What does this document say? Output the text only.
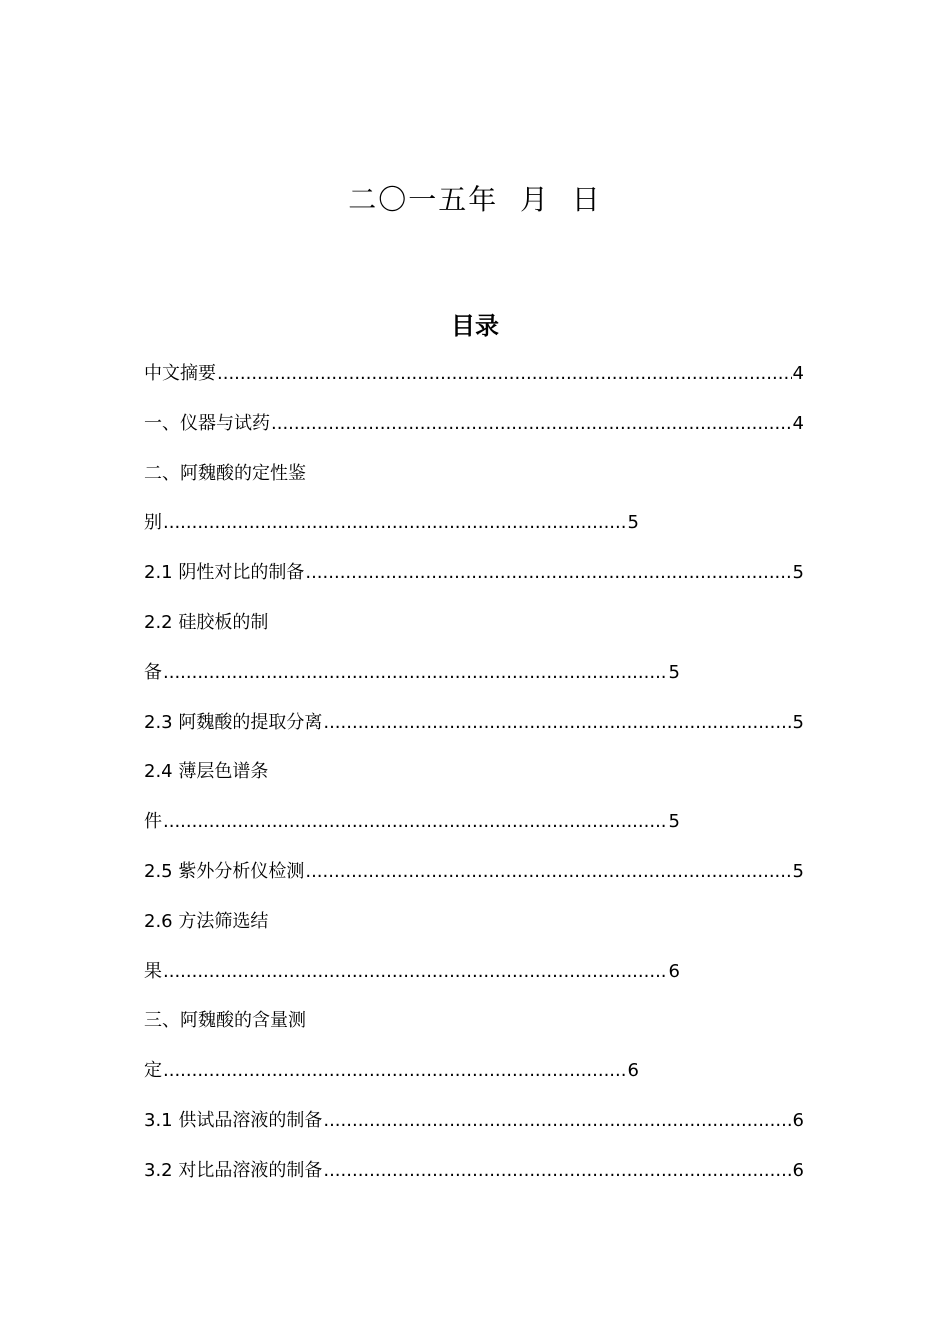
二〇一五年  月  日
目录
中文摘要 .....	4
一、仪器与试药 .....	4
二、阿魏酸的定性鉴
别 .....	5
2.1 阴性对比的制备 .....	5
2.2 硅胶板的制
备 .....	5
2.3 阿魏酸的提取分离 .....	5
2.4 薄层色谱条
件 .....	5
2.5 紫外分析仪检测 .....	5
2.6 方法筛选结
果 .....	6
三、阿魏酸的含量测
定 .....	6
3.1 供试品溶液的制备 .....	6
3.2 对比品溶液的制备 .....	6
